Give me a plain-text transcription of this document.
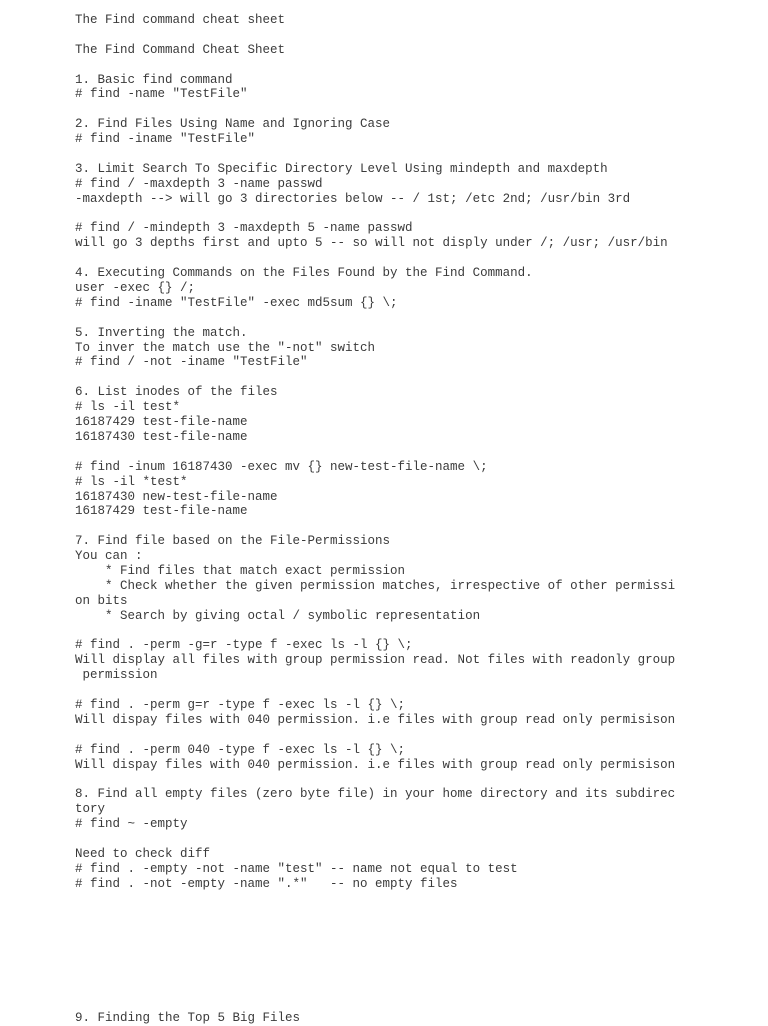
The Find command cheat sheet
The Find Command Cheat Sheet
1. Basic find command
# find -name "TestFile"
2. Find Files Using Name and Ignoring Case
# find -iname "TestFile"
3. Limit Search To Specific Directory Level Using mindepth and maxdepth
# find / -maxdepth 3 -name passwd
-maxdepth --> will go 3 directories below -- / 1st; /etc 2nd; /usr/bin 3rd
# find / -mindepth 3 -maxdepth 5 -name passwd
will go 3 depths first and upto 5 -- so will not disply under /; /usr; /usr/bin
4. Executing Commands on the Files Found by the Find Command.
user -exec {} /;
# find -iname "TestFile" -exec md5sum {} \;
5. Inverting the match.
To inver the match use the "-not" switch
# find / -not -iname "TestFile"
6. List inodes of the files
# ls -il test*
16187429 test-file-name
16187430 test-file-name
# find -inum 16187430 -exec mv {} new-test-file-name \;
# ls -il *test*
16187430 new-test-file-name
16187429 test-file-name
7. Find file based on the File-Permissions
You can :
* Find files that match exact permission
* Check whether the given permission matches, irrespective of other permissi
on bits
* Search by giving octal / symbolic representation
# find . -perm -g=r -type f -exec ls -l {} \;
Will display all files with group permission read. Not files with readonly group
permission
# find . -perm g=r -type f -exec ls -l {} \;
Will dispay files with 040 permission. i.e files with group read only permisison
# find . -perm 040 -type f -exec ls -l {} \;
Will dispay files with 040 permission. i.e files with group read only permisison
8. Find all empty files (zero byte file) in your home directory and its subdirec
tory
# find ~ -empty
Need to check diff
# find . -empty -not -name "test" -- name not equal to test
# find . -not -empty -name ".*"   -- no empty files
9. Finding the Top 5 Big Files
